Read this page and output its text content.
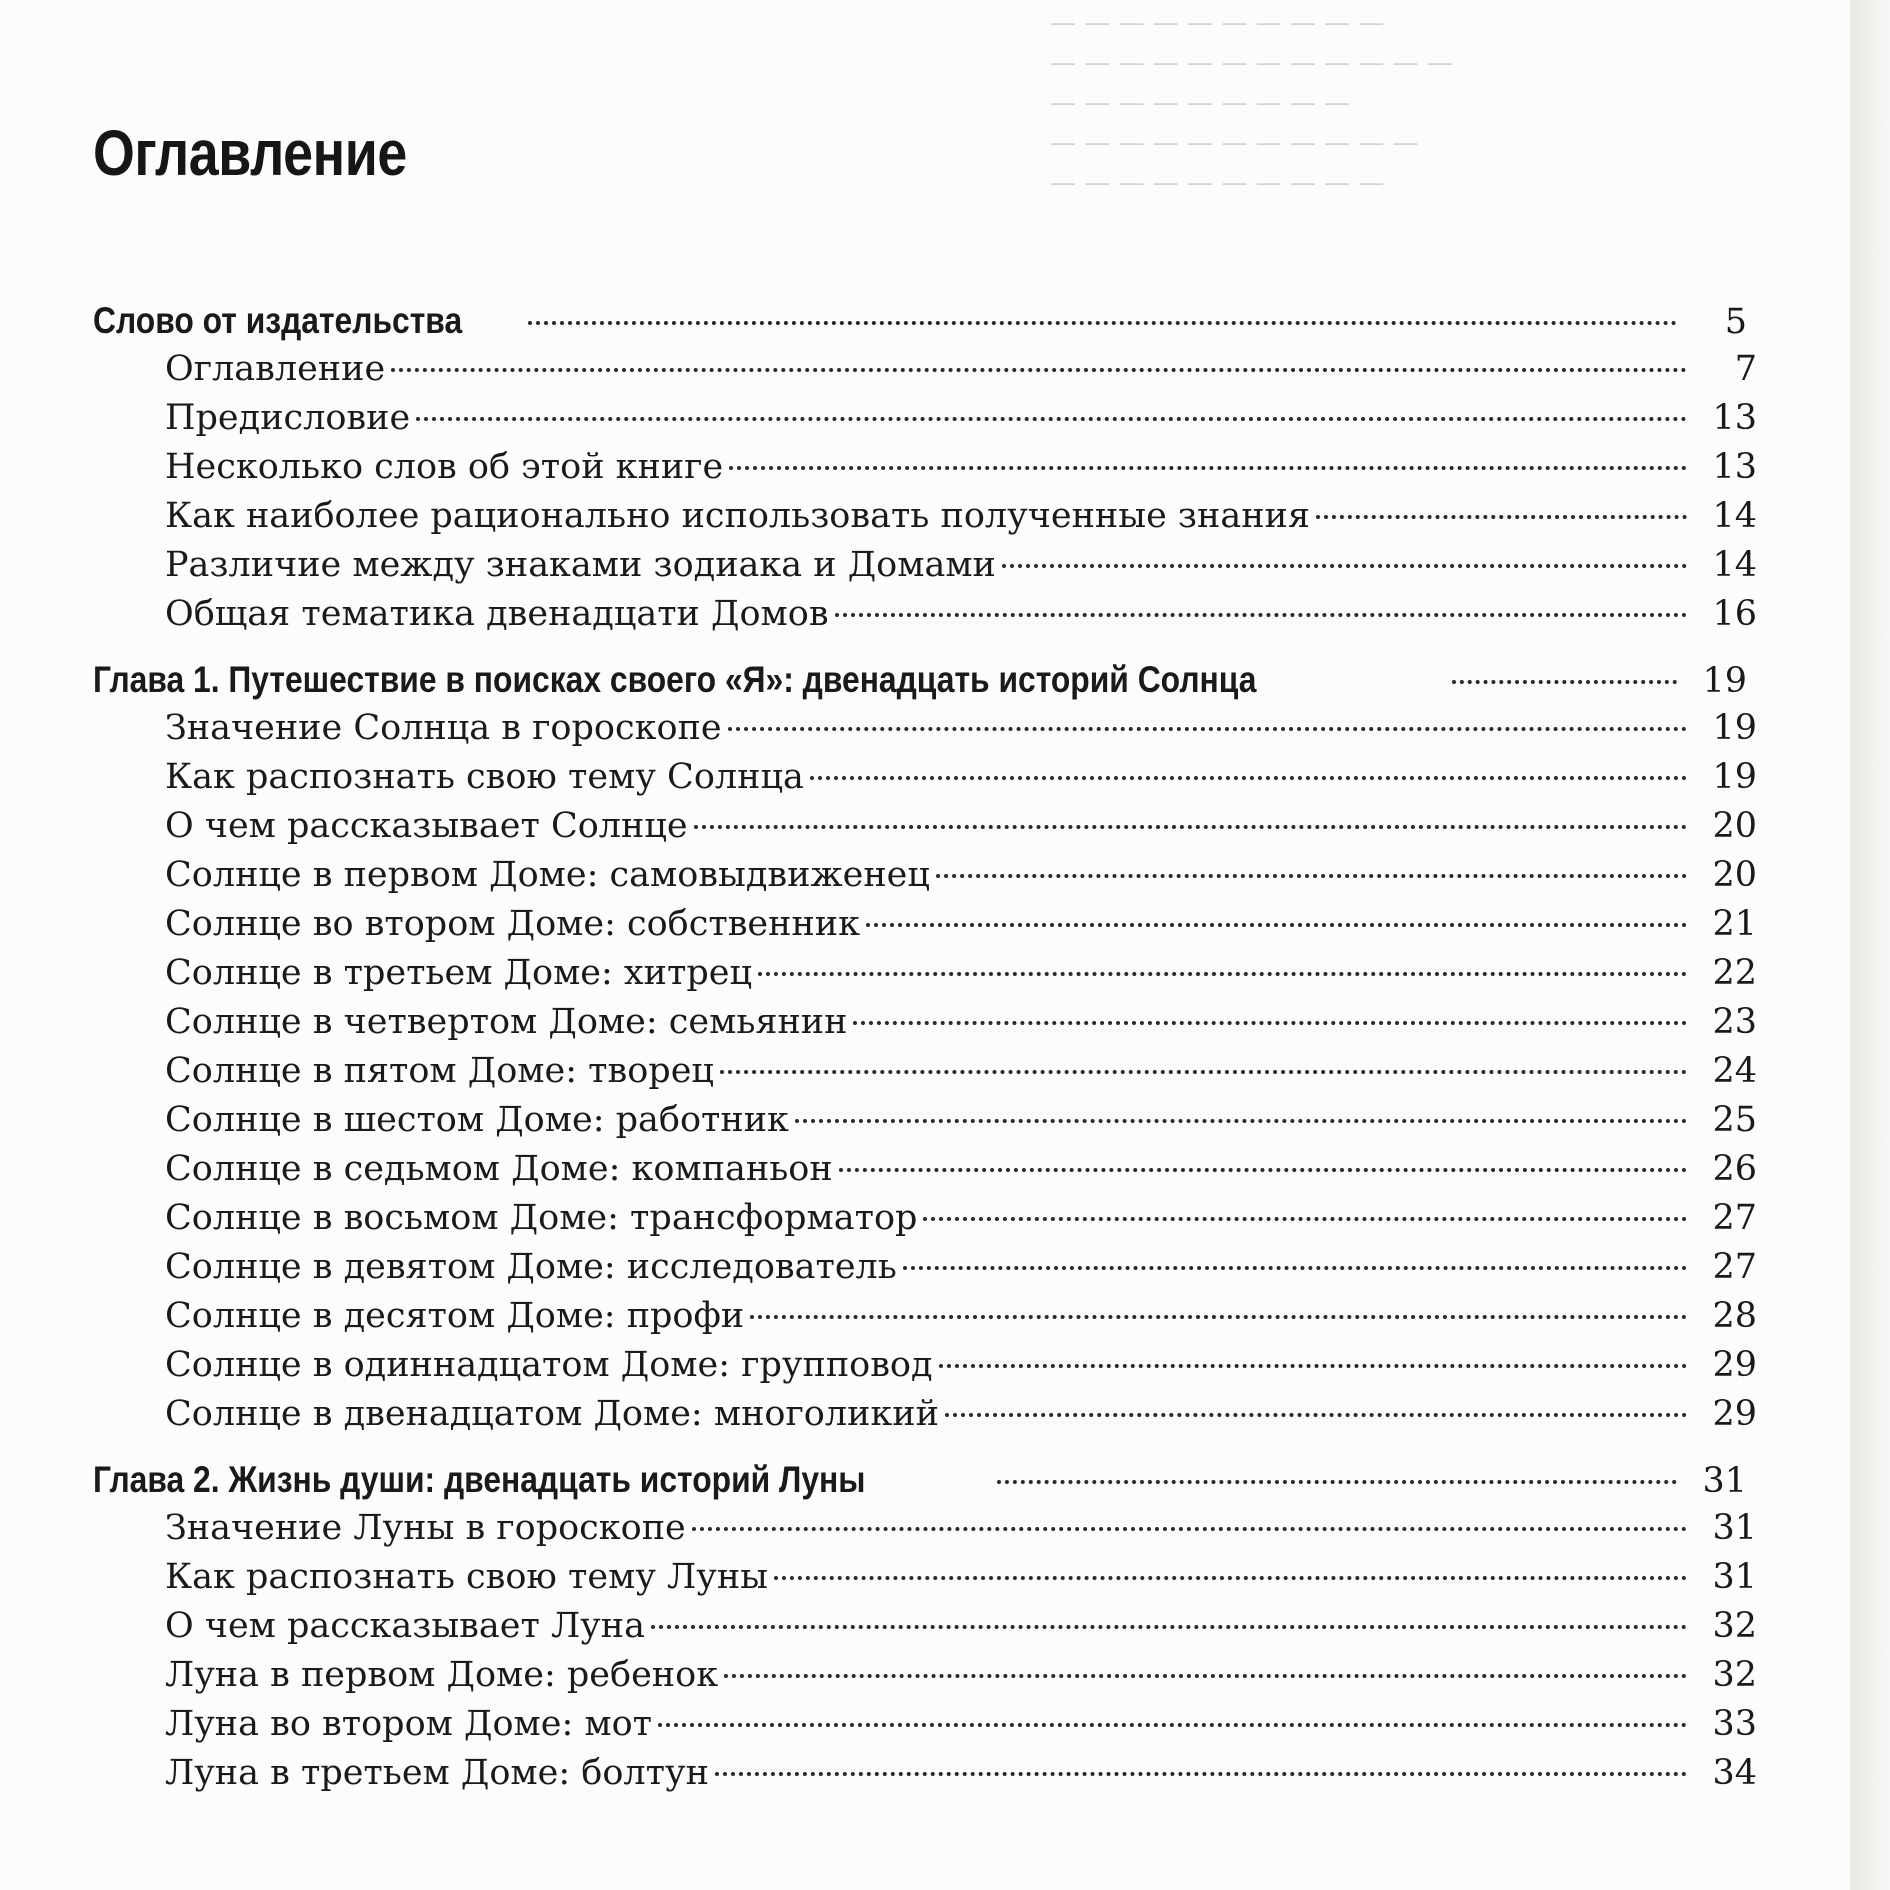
— — — — — — — — — —
— — — — — — — — — — — —
— — — — — — — — —
— — — — — — — — — — —
— — — — — — — — — —
Оглавление
Слово от издательства	5
Оглавление	7
Предисловие	13
Несколько слов об этой книге	13
Как наиболее рационально использовать полученные знания	14
Различие между знаками зодиака и Домами	14
Общая тематика двенадцати Домов	16
Глава 1. Путешествие в поисках своего «Я»: двенадцать историй Солнца	19
Значение Солнца в гороскопе	19
Как распознать свою тему Солнца	19
О чем рассказывает Солнце	20
Солнце в первом Доме: самовыдвиженец	20
Солнце во втором Доме: собственник	21
Солнце в третьем Доме: хитрец	22
Солнце в четвертом Доме: семьянин	23
Солнце в пятом Доме: творец	24
Солнце в шестом Доме: работник	25
Солнце в седьмом Доме: компаньон	26
Солнце в восьмом Доме: трансформатор	27
Солнце в девятом Доме: исследователь	27
Солнце в десятом Доме: профи	28
Солнце в одиннадцатом Доме: групповод	29
Солнце в двенадцатом Доме: многоликий	29
Глава 2. Жизнь души: двенадцать историй Луны	31
Значение Луны в гороскопе	31
Как распознать свою тему Луны	31
О чем рассказывает Луна	32
Луна в первом Доме: ребенок	32
Луна во втором Доме: мот	33
Луна в третьем Доме: болтун	34
